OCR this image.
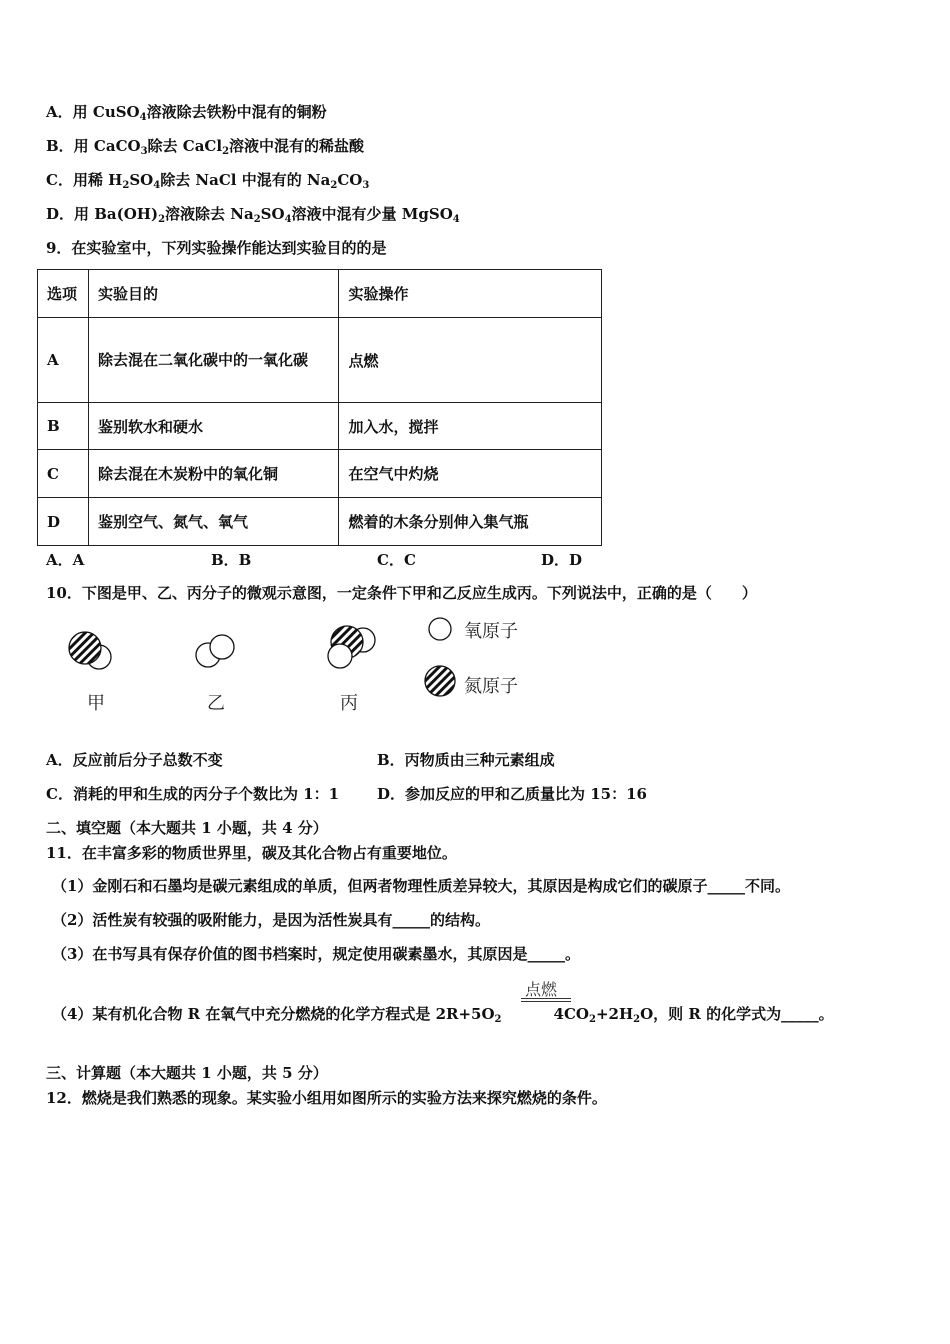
A．用 CuSO$_4$溶液除去铁粉中混有的铜粉
B．用 CaCO$_3$除去 CaCl$_2$溶液中混有的稀盐酸
C．用稀 $H_2SO_4$除去 NaCl 中混有的 $Na_2CO_3$
D．用 $Ba(OH)_2$溶液除去 $Na_2SO_4$溶液中混有少量 MgSO$_4$
9．在实验室中，下列实验操作能达到实验目的的是
选项	实验目的	实验操作
A	除去混在二氧化碳中的一氧化碳	点燃
B	鉴别软水和硬水	加入水，搅拌
C	除去混在木炭粉中的氧化铜	在空气中灼烧
D	鉴别空气、氮气、氧气	燃着的木条分别伸入集气瓶
A．A	B．B	C．C	D．D
10．下图是甲、乙、丙分子的微观示意图，一定条件下甲和乙反应生成丙。下列说法中，正确的是（　　）
甲	乙	丙
氧原子
氮原子
A．反应前后分子总数不变	B．丙物质由三种元素组成
C．消耗的甲和生成的丙分子个数比为 1：1	D．参加反应的甲和乙质量比为 15：16
二、填空题（本大题共 1 小题，共 4 分）
11．在丰富多彩的物质世界里，碳及其化合物占有重要地位。
（1）金刚石和石墨均是碳元素组成的单质，但两者物理性质差异较大，其原因是构成它们的碳原子_____不同。
（2）活性炭有较强的吸附能力，是因为活性炭具有_____的结构。
（3）在书写具有保存价值的图书档案时，规定使用碳素墨水，其原因是_____。
（4）某有机化合物 R 在氧气中充分燃烧的化学方程式是 $2R+5O_2$	$4CO_2+2H_2O$，则 R 的化学式为_____。
点燃
三、计算题（本大题共 1 小题，共 5 分）
12．燃烧是我们熟悉的现象。某实验小组用如图所示的实验方法来探究燃烧的条件。
